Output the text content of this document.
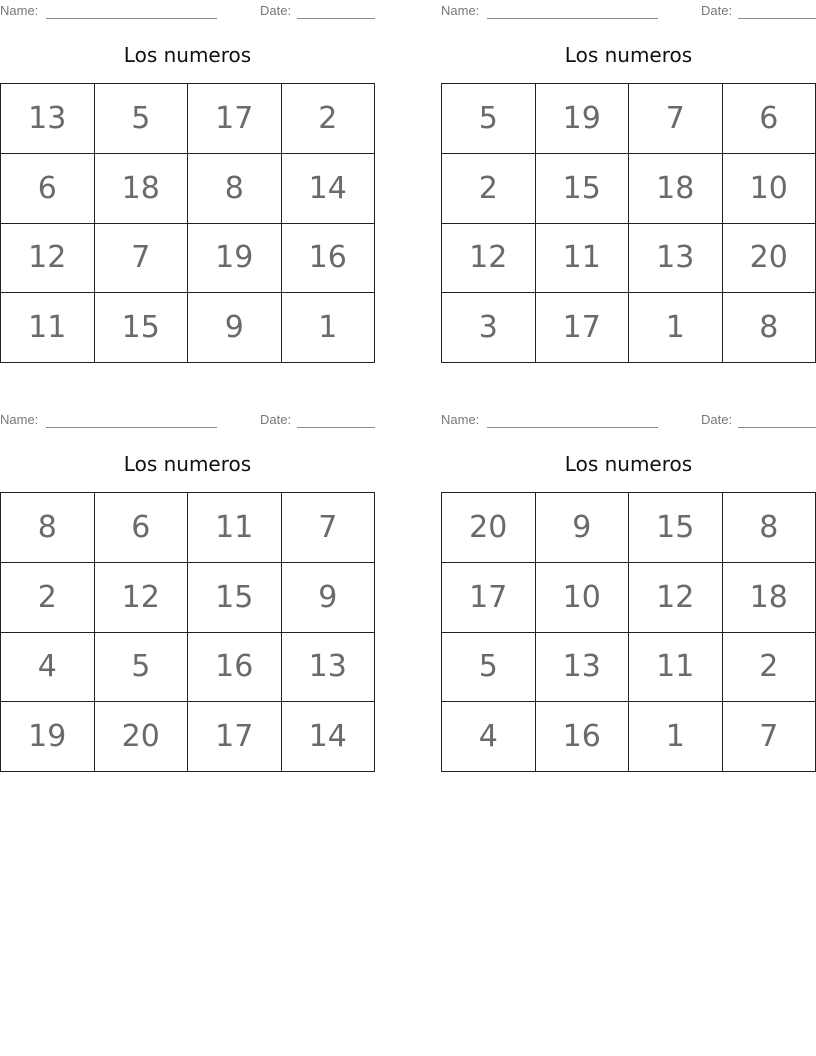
Name:	Date:
Los numeros
13	5	17	2
6	18	8	14
12	7	19	16
11	15	9	1
Name:	Date:
Los numeros
5	19	7	6
2	15	18	10
12	11	13	20
3	17	1	8
Name:	Date:
Los numeros
8	6	11	7
2	12	15	9
4	5	16	13
19	20	17	14
Name:	Date:
Los numeros
20	9	15	8
17	10	12	18
5	13	11	2
4	16	1	7
